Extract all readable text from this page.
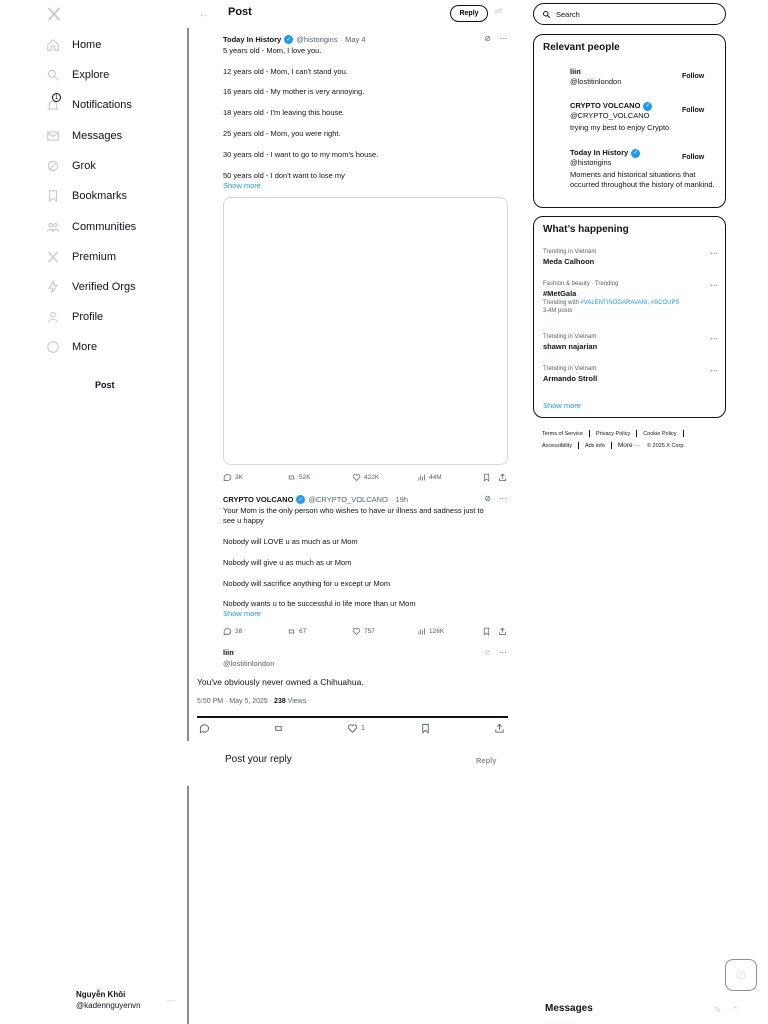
Home
Explore
1
Notifications
Messages
Grok
Bookmarks
Communities
Premium
Verified Orgs
Profile
More
Post
Nguyễn Khôi
@kadennguyenvn
—
← Post	Reply	⇌
Today In History ✓ @historigins · May 4	⊘ ···
5 years old - Mom, I love you.
12 years old - Mom, I can't stand you.
16 years old - My mother is very annoying.
18 years old - I'm leaving this house.
25 years old - Mom, you were right.
30 years old - I want to go to my mom's house.
50 years old - I don't want to lose my
Show more
3K	52K	422K	44M
CRYPTO VOLCANO ✓ @CRYPTO_VOLCANO · 19h	⊘ ···
Your Mom is the only person who wishes to have ur illness and sadness just to
see u happy
Nobody will LOVE u as much as ur Mom
Nobody will give u as much as ur Mom
Nobody will sacrifice anything for u except ur Mom
Nobody wants u to be successful in life more than ur Mom
Show more
38	67	757	126K
liin
@lostitinlondon
⊘ ···
You've obviously never owned a Chihuahua.
5:50 PM · May 5, 2025 · 238 Views
1
Post your reply	Reply
Search
Relevant people
liin
@lostitinlondon
Follow
CRYPTO VOLCANO ✓
@CRYPTO_VOLCANO
trying my best to enjoy Crypto
Follow
Today In History ✓
@historigins
Moments and historical situations that occurred throughout the history of mankind.
Follow
What’s happening
Trending in Vietnam
Meda Calhoon
···
Fashion & beauty · Trending
#MetGala
Trending with #VALENTINOGARAVANI, #SCOUPS
3.4M posts
···
Trending in Vietnam
shawn najarian
···
Trending in Vietnam
Armando Stroll
···
Show more
Terms of Service Privacy Policy Cookie Policy
Accessibility Ads info More ··· © 2025 X Corp.
Messages	✎ ⌃
